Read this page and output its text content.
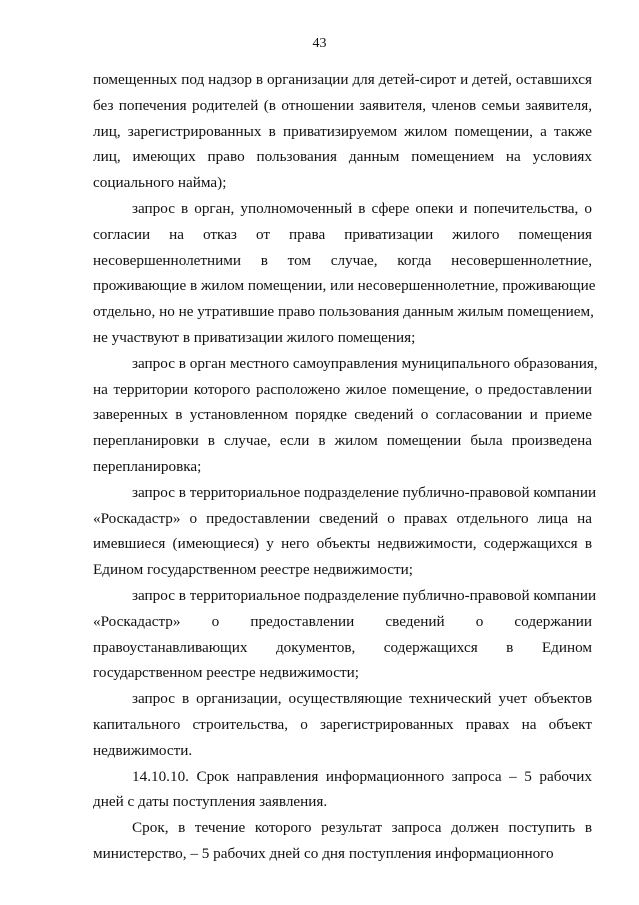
43

помещенных под надзор в организации для детей-сирот и детей, оставшихся
без попечения родителей (в отношении заявителя, членов семьи заявителя,
лиц, зарегистрированных в приватизируемом жилом помещении, а также
лиц, имеющих право пользования данным помещением на условиях
социального найма);

запрос в орган, уполномоченный в сфере опеки и попечительства, о
согласии на отказ от права приватизации жилого помещения
несовершеннолетними в том случае, когда несовершеннолетние,
проживающие в жилом помещении, или несовершеннолетние, проживающие
отдельно, но не утратившие право пользования данным жилым помещением,
не участвуют в приватизации жилого помещения;

запрос в орган местного самоуправления муниципального образования,
на территории которого расположено жилое помещение, о предоставлении
заверенных в установленном порядке сведений о согласовании и приеме
перепланировки в случае, если в жилом помещении была произведена
перепланировка;

запрос в территориальное подразделение публично-правовой компании
«Роскадастр» о предоставлении сведений о правах отдельного лица на
имевшиеся (имеющиеся) у него объекты недвижимости, содержащихся в
Едином государственном реестре недвижимости;

запрос в территориальное подразделение публично-правовой компании
«Роскадастр» о предоставлении сведений о содержании
правоустанавливающих документов, содержащихся в Едином
государственном реестре недвижимости;

запрос в организации, осуществляющие технический учет объектов
капитального строительства, о зарегистрированных правах на объект
недвижимости.

14.10.10. Срок направления информационного запроса – 5 рабочих
дней с даты поступления заявления.

Срок, в течение которого результат запроса должен поступить в
министерство, – 5 рабочих дней со дня поступления информационного
